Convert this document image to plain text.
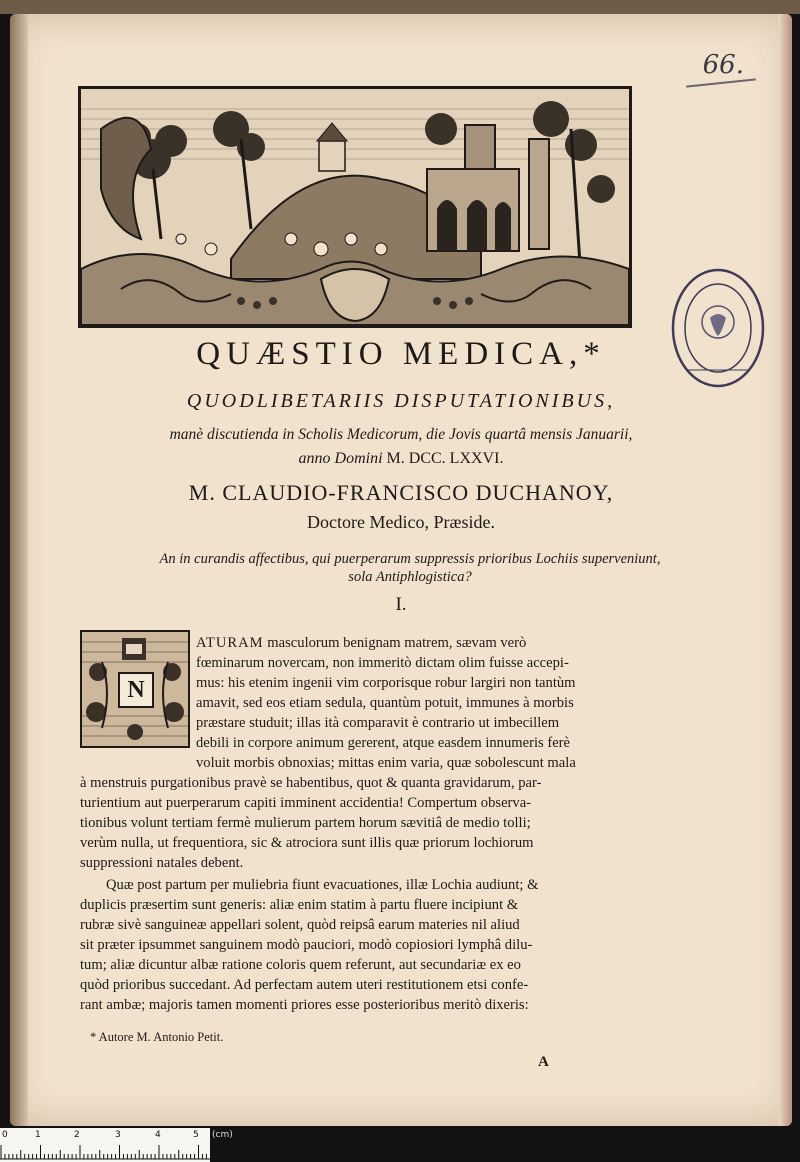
66.
QUÆSTIO MEDICA,*
QUODLIBETARIIS DISPUTATIONIBUS,
manè discutienda in Scholis Medicorum, die Jovis quartâ mensis Januarii,
anno Domini M. DCC. LXXVI.
M. CLAUDIO-FRANCISCO DUCHANOY,
Doctore Medico, Præside.
An in curandis affectibus, qui puerperarum suppressis prioribus Lochiis superveniunt,
sola Antiphlogistica?
I.
N
ATURAM masculorum benignam matrem, sævam verò
fœminarum novercam, non immeritò dictam olim fuisse accepi-
mus: his etenim ingenii vim corporisque robur largiri non tantùm
amavit, sed eos etiam sedula, quantùm potuit, immunes à morbis
præstare studuit; illas ità comparavit è contrario ut imbecillem
debili in corpore animum gererent, atque easdem innumeris ferè
voluit morbis obnoxias; mittas enim varia, quæ sobolescunt mala
à menstruis purgationibus pravè se habentibus, quot & quanta gravidarum, par-
turientium aut puerperarum capiti imminent accidentia! Compertum observa-
tionibus volunt tertiam fermè mulierum partem horum sævitiâ de medio tolli;
verùm nulla, ut frequentiora, sic & atrociora sunt illis quæ priorum lochiorum
suppressioni natales debent.
Quæ post partum per muliebria fiunt evacuationes, illæ Lochia audiunt; &
duplicis præsertim sunt generis: aliæ enim statim à partu fluere incipiunt &
rubræ sivè sanguineæ appellari solent, quòd reipsâ earum materies nil aliud
sit præter ipsummet sanguinem modò pauciori, modò copiosiori lymphâ dilu-
tum; aliæ dicuntur albæ ratione coloris quem referunt, aut secundariæ ex eo
quòd prioribus succedant. Ad perfectam autem uteri restitutionem etsi confe-
rant ambæ; majoris tamen momenti priores esse posterioribus meritò dixeris:
* Autore M. Antonio Petit.
A
0	1	2	3	4	5 (cm)
